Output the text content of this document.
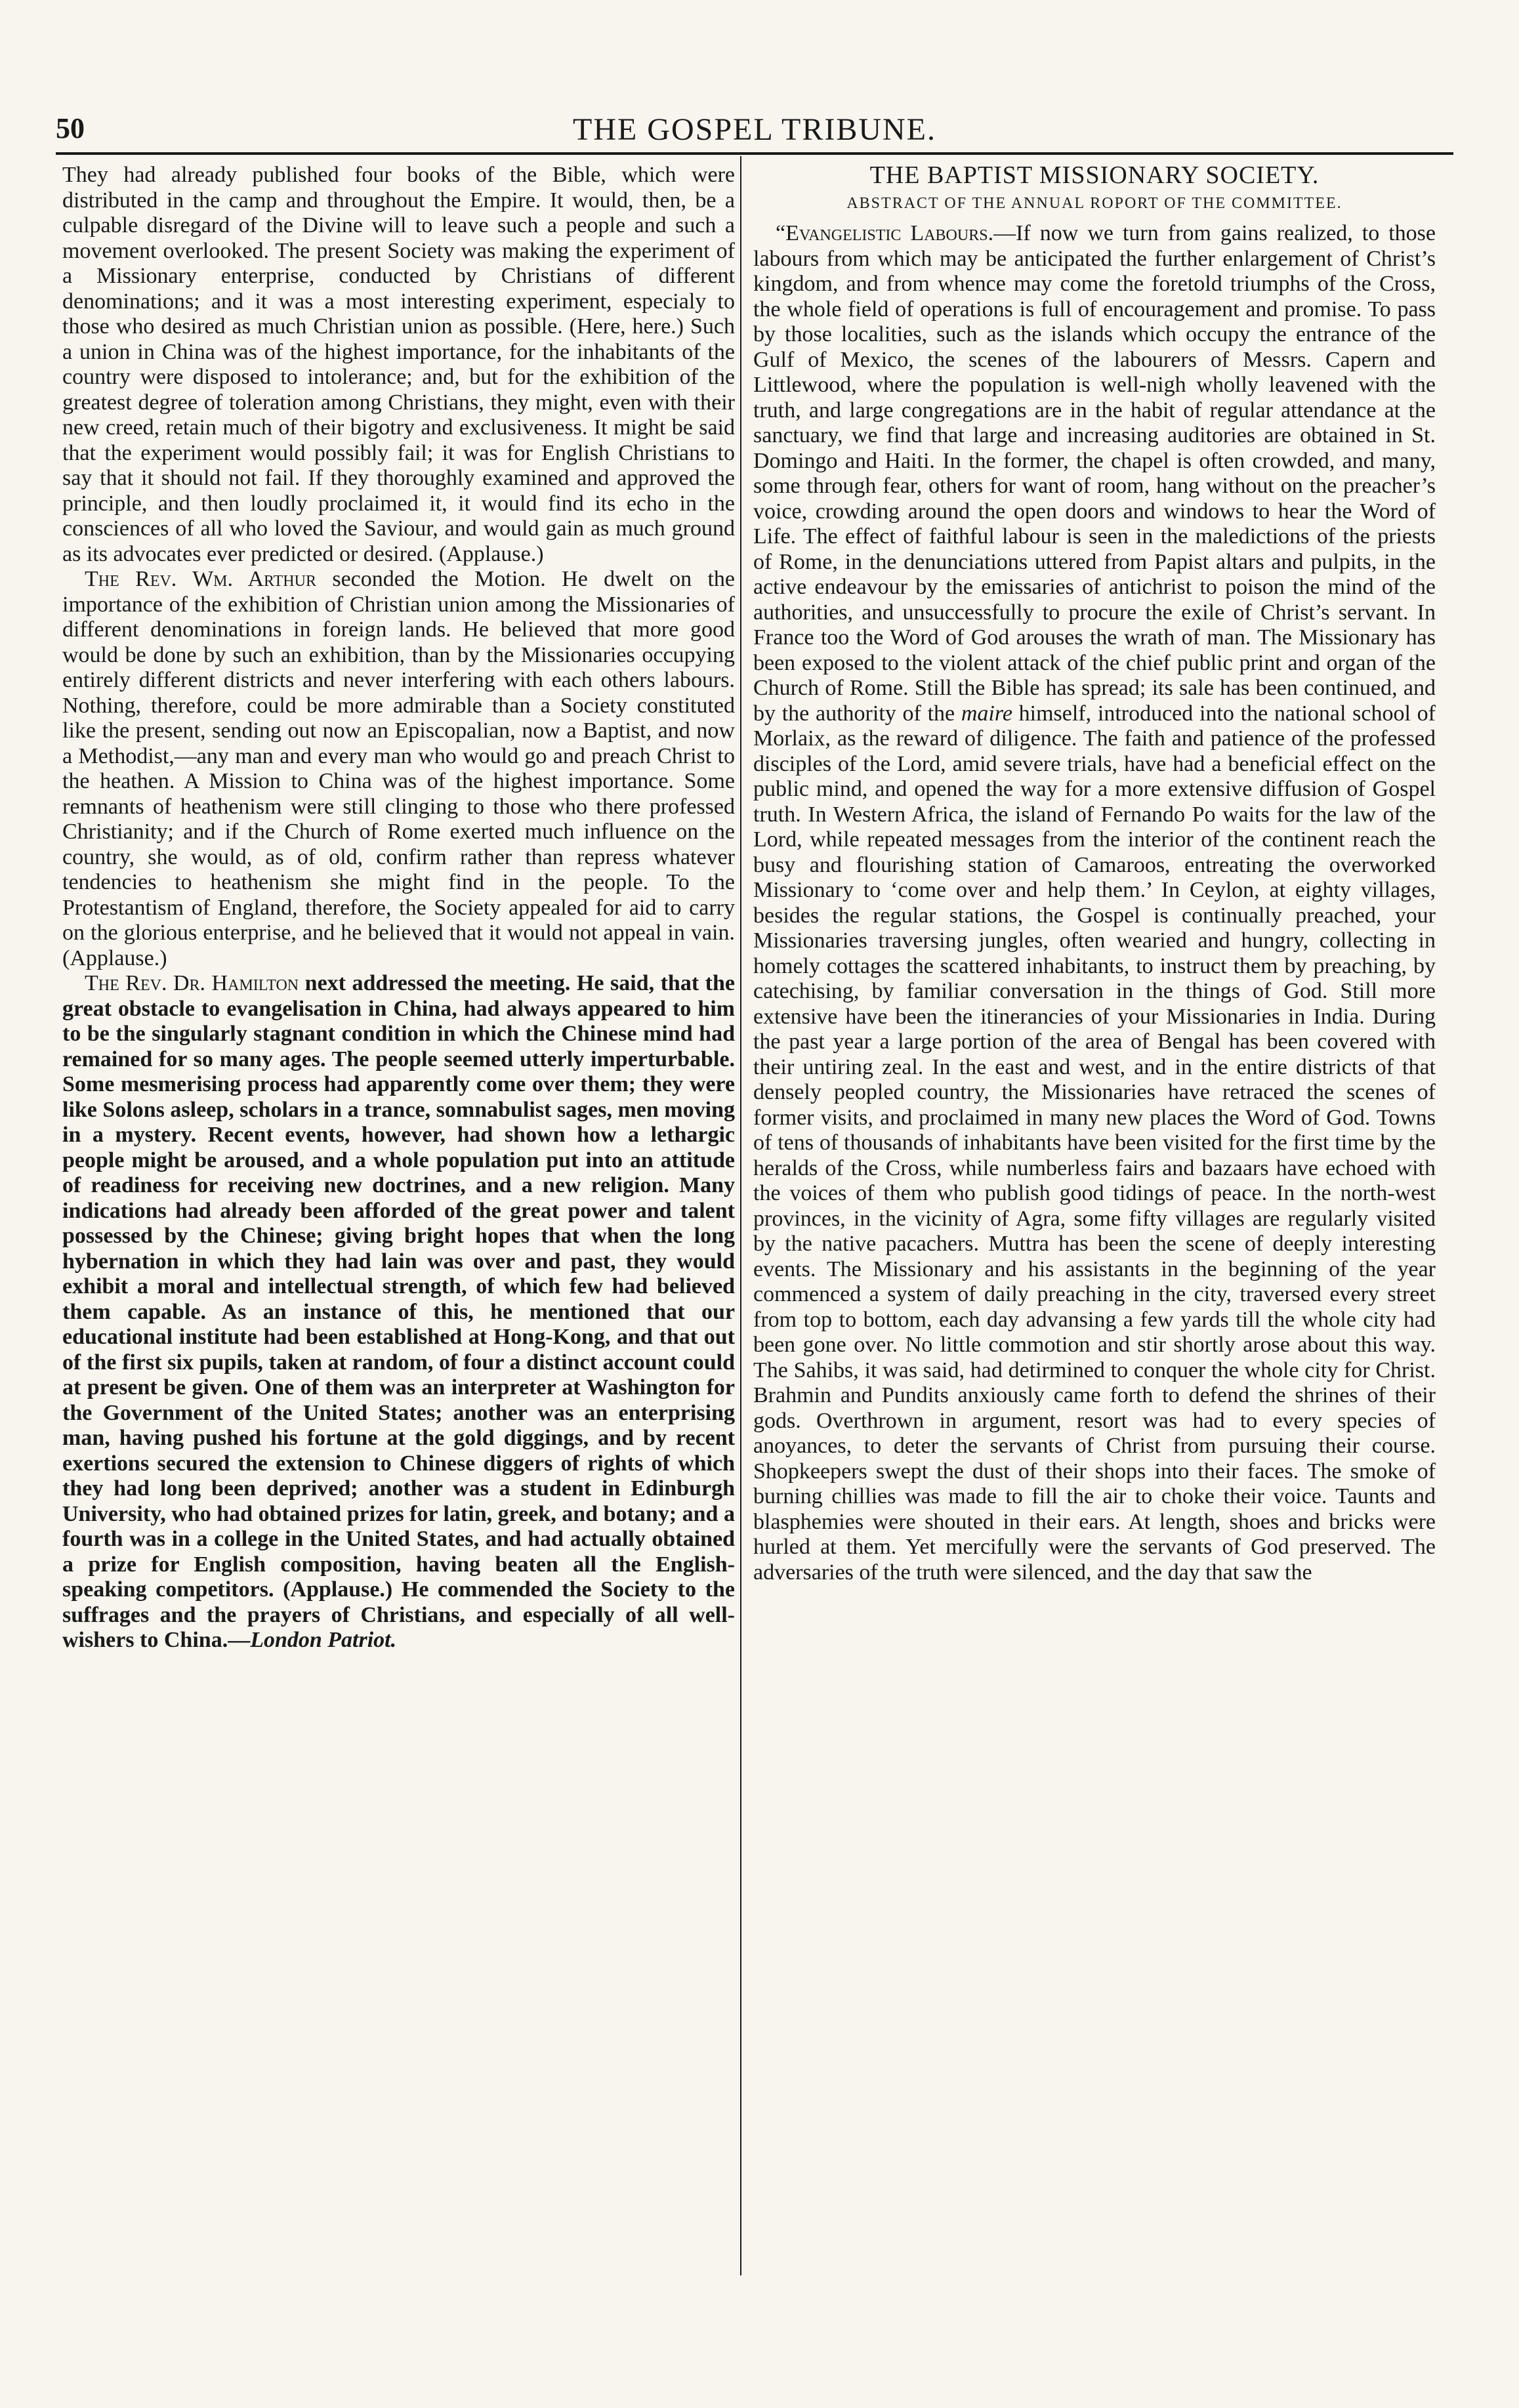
50	THE GOSPEL TRIBUNE.

They had already published four books of the Bible, which were distributed in the camp and throughout the Empire. It would, then, be a culpable disregard of the Divine will to leave such a people and such a movement overlooked. The present Society was making the experiment of a Missionary enterprise, conducted by Christians of different denominations; and it was a most interesting experiment, especialy to those who desired as much Christian union as possible. (Here, here.) Such a union in China was of the highest importance, for the inhabitants of the country were disposed to intolerance; and, but for the exhibition of the greatest degree of toleration among Christians, they might, even with their new creed, retain much of their bigotry and exclusiveness. It might be said that the experiment would possibly fail; it was for English Christians to say that it should not fail. If they thoroughly examined and approved the principle, and then loudly proclaimed it, it would find its echo in the consciences of all who loved the Saviour, and would gain as much ground as its advocates ever predicted or desired. (Applause.)

The Rev. Wm. Arthur seconded the Motion. He dwelt on the importance of the exhibition of Christian union among the Missionaries of different denominations in foreign lands. He believed that more good would be done by such an exhibition, than by the Missionaries occupying entirely different districts and never interfering with each others labours. Nothing, therefore, could be more admirable than a Society constituted like the present, sending out now an Episcopalian, now a Baptist, and now a Methodist,—any man and every man who would go and preach Christ to the heathen. A Mission to China was of the highest importance. Some remnants of heathenism were still clinging to those who there professed Christianity; and if the Church of Rome exerted much influence on the country, she would, as of old, confirm rather than repress whatever tendencies to heathenism she might find in the people. To the Protestantism of England, therefore, the Society appealed for aid to carry on the glorious enterprise, and he believed that it would not appeal in vain. (Applause.)

The Rev. Dr. Hamilton next addressed the meeting. He said, that the great obstacle to evangelisation in China, had always appeared to him to be the singularly stagnant condition in which the Chinese mind had remained for so many ages. The people seemed utterly imperturbable. Some mesmerising process had apparently come over them; they were like Solons asleep, scholars in a trance, somnabulist sages, men moving in a mystery. Recent events, however, had shown how a lethargic people might be aroused, and a whole population put into an attitude of readiness for receiving new doctrines, and a new religion. Many indications had already been afforded of the great power and talent possessed by the Chinese; giving bright hopes that when the long hybernation in which they had lain was over and past, they would exhibit a moral and intellectual strength, of which few had believed them capable. As an instance of this, he mentioned that our educational institute had been established at Hong-Kong, and that out of the first six pupils, taken at random, of four a distinct account could at present be given. One of them was an interpreter at Washington for the Government of the United States; another was an enterprising man, having pushed his fortune at the gold diggings, and by recent exertions secured the extension to Chinese diggers of rights of which they had long been deprived; another was a student in Edinburgh University, who had obtained prizes for latin, greek, and botany; and a fourth was in a college in the United States, and had actually obtained a prize for English composition, having beaten all the English-speaking competitors. (Applause.) He commended the Society to the suffrages and the prayers of Christians, and especially of all well-wishers to China.—London Patriot.

THE BAPTIST MISSIONARY SOCIETY.
ABSTRACT OF THE ANNUAL ROPORT OF THE COMMITTEE.

“Evangelistic Labours.—If now we turn from gains realized, to those labours from which may be anticipated the further enlargement of Christ’s kingdom, and from whence may come the foretold triumphs of the Cross, the whole field of operations is full of encouragement and promise. To pass by those localities, such as the islands which occupy the entrance of the Gulf of Mexico, the scenes of the labourers of Messrs. Capern and Littlewood, where the population is well-nigh wholly leavened with the truth, and large congregations are in the habit of regular attendance at the sanctuary, we find that large and increasing auditories are obtained in St. Domingo and Haiti. In the former, the chapel is often crowded, and many, some through fear, others for want of room, hang without on the preacher’s voice, crowding around the open doors and windows to hear the Word of Life. The effect of faithful labour is seen in the maledictions of the priests of Rome, in the denunciations uttered from Papist altars and pulpits, in the active endeavour by the emissaries of antichrist to poison the mind of the authorities, and unsuccessfully to procure the exile of Christ’s servant. In France too the Word of God arouses the wrath of man. The Missionary has been exposed to the violent attack of the chief public print and organ of the Church of Rome. Still the Bible has spread; its sale has been continued, and by the authority of the maire himself, introduced into the national school of Morlaix, as the reward of diligence. The faith and patience of the professed disciples of the Lord, amid severe trials, have had a beneficial effect on the public mind, and opened the way for a more extensive diffusion of Gospel truth. In Western Africa, the island of Fernando Po waits for the law of the Lord, while repeated messages from the interior of the continent reach the busy and flourishing station of Camaroos, entreating the overworked Missionary to ‘come over and help them.’ In Ceylon, at eighty villages, besides the regular stations, the Gospel is continually preached, your Missionaries traversing jungles, often wearied and hungry, collecting in homely cottages the scattered inhabitants, to instruct them by preaching, by catechising, by familiar conversation in the things of God. Still more extensive have been the itinerancies of your Missionaries in India. During the past year a large portion of the area of Bengal has been covered with their untiring zeal. In the east and west, and in the entire districts of that densely peopled country, the Missionaries have retraced the scenes of former visits, and proclaimed in many new places the Word of God. Towns of tens of thousands of inhabitants have been visited for the first time by the heralds of the Cross, while numberless fairs and bazaars have echoed with the voices of them who publish good tidings of peace. In the north-west provinces, in the vicinity of Agra, some fifty villages are regularly visited by the native pacachers. Muttra has been the scene of deeply interesting events. The Missionary and his assistants in the beginning of the year commenced a system of daily preaching in the city, traversed every street from top to bottom, each day advansing a few yards till the whole city had been gone over. No little commotion and stir shortly arose about this way. The Sahibs, it was said, had detirmined to conquer the whole city for Christ. Brahmin and Pundits anxiously came forth to defend the shrines of their gods. Overthrown in argument, resort was had to every species of anoyances, to deter the servants of Christ from pursuing their course. Shopkeepers swept the dust of their shops into their faces. The smoke of burning chillies was made to fill the air to choke their voice. Taunts and blasphemies were shouted in their ears. At length, shoes and bricks were hurled at them. Yet mercifully were the servants of God preserved. The adversaries of the truth were silenced, and the day that saw the
